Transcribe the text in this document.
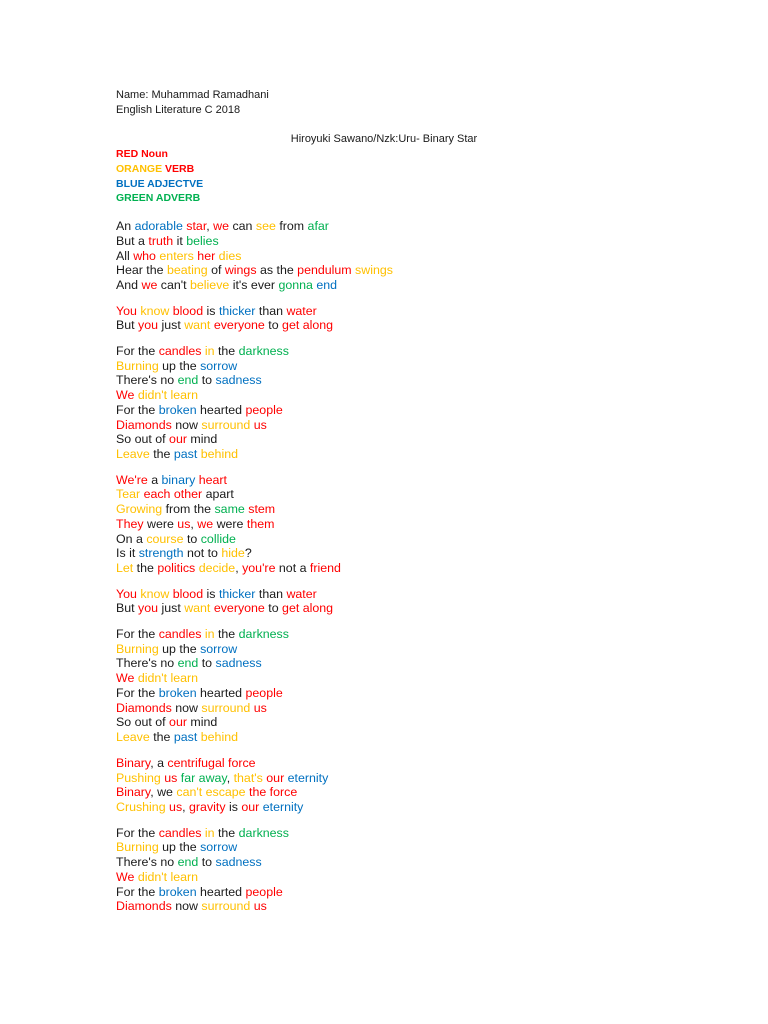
Name: Muhammad Ramadhani
English Literature C 2018
Hiroyuki Sawano/Nzk:Uru- Binary Star
RED Noun
ORANGE VERB
BLUE ADJECTVE
GREEN ADVERB
An adorable star, we can see from afar
But a truth it belies
All who enters her dies
Hear the beating of wings as the pendulum swings
And we can't believe it's ever gonna end
You know blood is thicker than water
But you just want everyone to get along
For the candles in the darkness
Burning up the sorrow
There's no end to sadness
We didn't learn
For the broken hearted people
Diamonds now surround us
So out of our mind
Leave the past behind
We're a binary heart
Tear each other apart
Growing from the same stem
They were us, we were them
On a course to collide
Is it strength not to hide?
Let the politics decide, you're not a friend
You know blood is thicker than water
But you just want everyone to get along
For the candles in the darkness
Burning up the sorrow
There's no end to sadness
We didn't learn
For the broken hearted people
Diamonds now surround us
So out of our mind
Leave the past behind
Binary, a centrifugal force
Pushing us far away, that's our eternity
Binary, we can't escape the force
Crushing us, gravity is our eternity
For the candles in the darkness
Burning up the sorrow
There's no end to sadness
We didn't learn
For the broken hearted people
Diamonds now surround us
